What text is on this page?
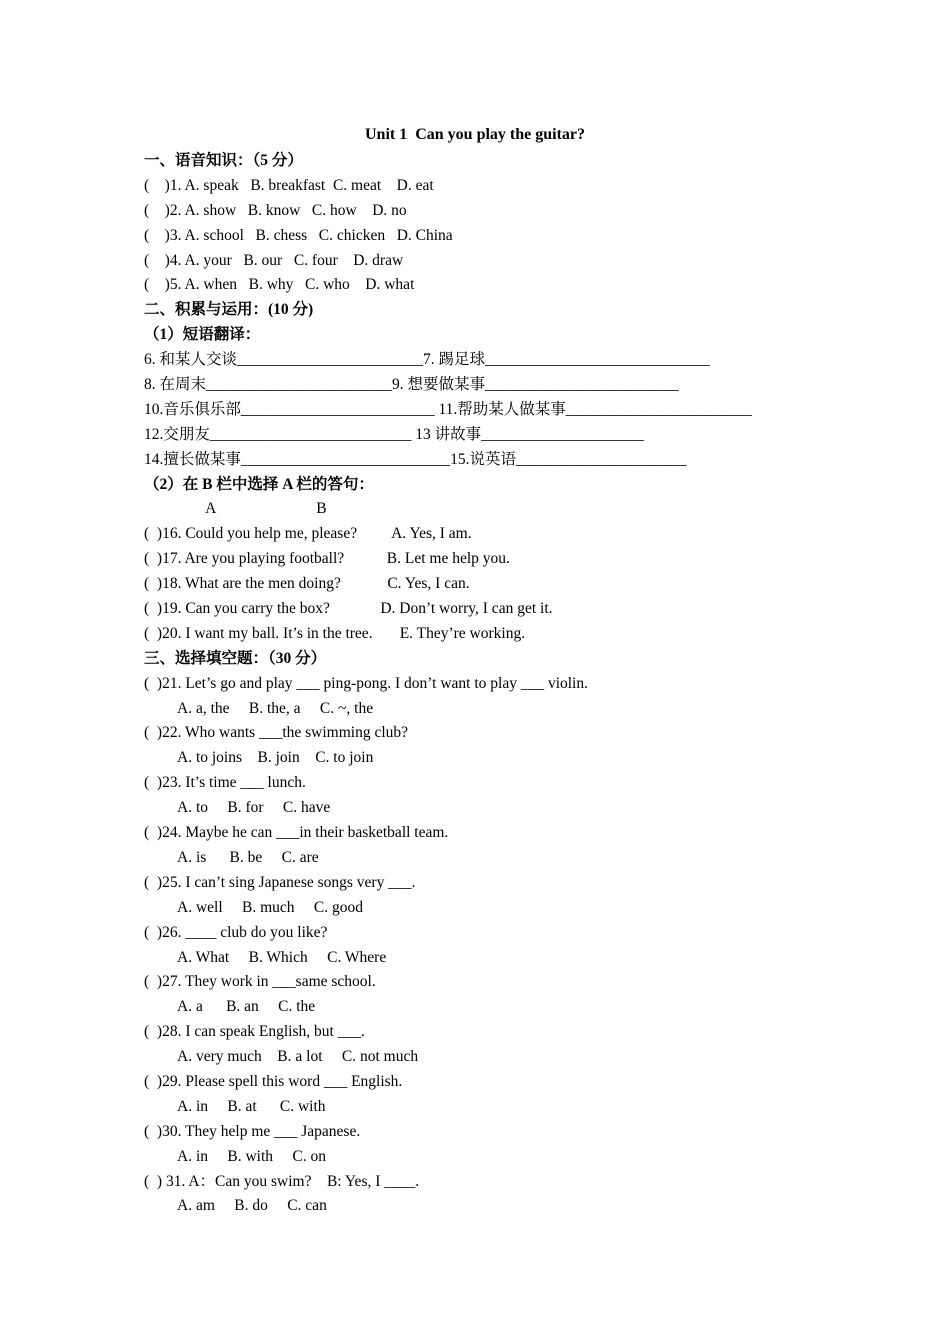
Unit 1  Can you play the guitar?
一、语音知识：（5 分）
(    )1. A. speak   B. breakfast  C. meat    D. eat
(    )2. A. show   B. know   C. how    D. no
(    )3. A. school   B. chess   C. chicken   D. China
(    )4. A. your   B. our   C. four    D. draw
(    )5. A. when   B. why   C. who    D. what
二、积累与运用：(10 分)
（1）短语翻译：
6. 和某人交谈________________________7. 踢足球_____________________________
8. 在周末________________________9. 想要做某事_________________________
10.音乐俱乐部_________________________ 11.帮助某人做某事________________________
12.交朋友__________________________ 13 讲故事_____________________
14.擅长做某事___________________________15.说英语______________________
（2）在 B 栏中选择 A 栏的答句：
A                          B
(  )16. Could you help me, please?         A. Yes, I am.
(  )17. Are you playing football?           B. Let me help you.
(  )18. What are the men doing?            C. Yes, I can.
(  )19. Can you carry the box?             D. Don’t worry, I can get it.
(  )20. I want my ball. It’s in the tree.       E. They’re working.
三、选择填空题：（30 分）
(  )21. Let’s go and play ___ ping-pong. I don’t want to play ___ violin.
A. a, the     B. the, a     C. ~, the
(  )22. Who wants ___the swimming club?
A. to joins    B. join    C. to join
(  )23. It’s time ___ lunch.
A. to     B. for     C. have
(  )24. Maybe he can ___in their basketball team.
A. is      B. be     C. are
(  )25. I can’t sing Japanese songs very ___.
A. well     B. much     C. good
(  )26. ____ club do you like?
A. What     B. Which     C. Where
(  )27. They work in ___same school.
A. a      B. an     C. the
(  )28. I can speak English, but ___.
A. very much    B. a lot     C. not much
(  )29. Please spell this word ___ English.
A. in     B. at      C. with
(  )30. They help me ___ Japanese.
A. in     B. with     C. on
(  ) 31. A：Can you swim?    B: Yes, I ____.
A. am     B. do     C. can
